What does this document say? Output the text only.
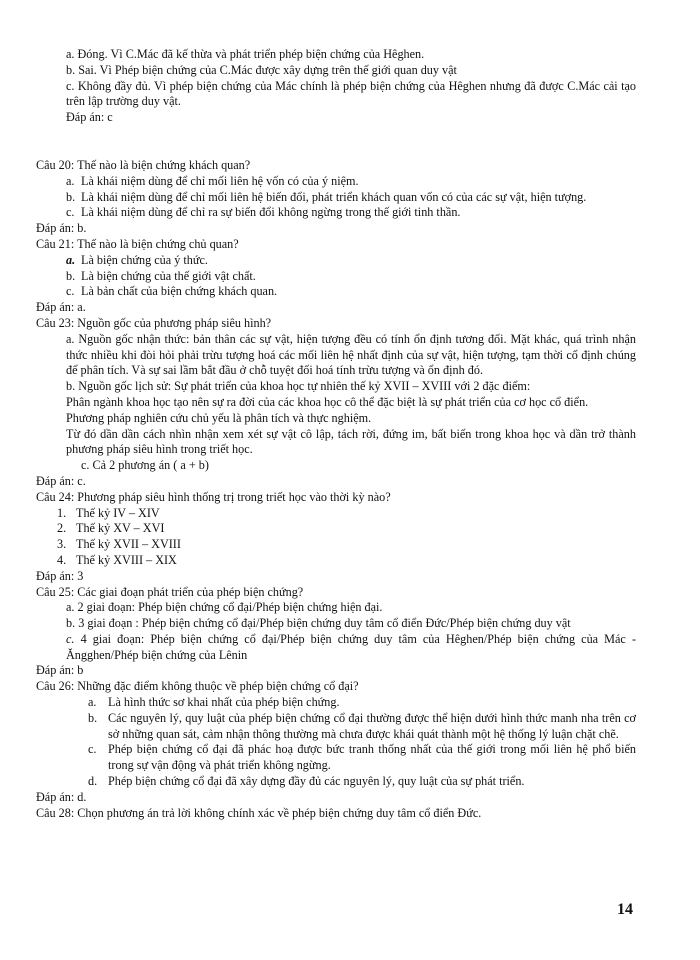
a. Đóng. Vì C.Mác đã kế thừa và phát triển phép biện chứng của Hêghen.
b. Sai. Vì Phép biện chứng của C.Mác được xây dựng trên thế giới quan duy vật
c. Không đầy đủ. Vì phép biện chứng của Mác chính là phép biện chứng của Hêghen nhưng đã được C.Mác cải tạo trên lập trường duy vật.
Đáp án: c
Câu 20: Thế nào là biện chứng khách quan?
a. Là khái niệm dùng để chỉ mối liên hệ vốn có của ý niệm.
b. Là khái niệm dùng để chỉ mối liên hệ biến đổi, phát triển khách quan vốn có của các sự vật, hiện tượng.
c. Là khái niệm dùng để chỉ ra sự biến đổi không ngừng trong thế giới tinh thần.
Đáp án: b.
Câu 21: Thế nào là biện chứng chủ quan?
a. Là biện chứng của ý thức.
b. Là biện chứng của thế giới vật chất.
c. Là bản chất của biện chứng khách quan.
Đáp án: a.
Câu 23: Nguồn gốc của phương pháp siêu hình?
a. Nguồn gốc nhận thức: bản thân các sự vật, hiện tượng đều có tính ổn định tương đối. Mặt khác, quá trình nhận thức nhiều khi đòi hỏi phải trừu tượng hoá các mối liên hệ nhất định của sự vật, hiện tượng, tạm thời cố định chúng để phân tích. Và sự sai lầm bắt đầu ở chỗ tuyệt đối hoá tính trừu tượng và ổn định đó.
b. Nguồn gốc lịch sử: Sự phát triển của khoa học tự nhiên thế kỷ XVII – XVIII với 2 đặc điểm:
Phân ngành khoa học tạo nên sự ra đời của các khoa học cô thể đặc biệt là sự phát triển của cơ học cổ điển.
Phương pháp nghiên cứu chủ yếu là phân tích và thực nghiệm.
Từ đó dần dần cách nhìn nhận xem xét sự vật cô lập, tách rời, đứng im, bất biến trong khoa học và dần trở thành phương pháp siêu hình trong triết học.
c. Cả 2 phương án ( a + b)
Đáp án: c.
Câu 24: Phương pháp siêu hình thống trị trong triết học vào thời kỳ nào?
1. Thế kỷ IV – XIV
2. Thế kỷ XV – XVI
3. Thế kỷ XVII – XVIII
4. Thế kỷ XVIII – XIX
Đáp án: 3
Câu 25: Các giai đoạn phát triển của phép biện chứng?
a. 2 giai đoạn: Phép biện chứng cổ đại/Phép biện chứng hiện đại.
b. 3 giai đoạn : Phép biện chứng cổ đại/Phép biện chứng duy tâm cổ điển Đức/Phép biện chứng duy vật
c. 4 giai đoạn: Phép biện chứng cổ đại/Phép biện chứng duy tâm của Hêghen/Phép biện chứng của Mác - Ăngghen/Phép biện chứng của Lênin
Đáp án: b
Câu 26: Những đặc điểm không thuộc về phép biện chứng cổ đại?
a. Là hình thức sơ khai nhất của phép biện chứng.
b. Các nguyên lý, quy luật của phép biện chứng cổ đại thường được thể hiện dưới hình thức manh nha trên cơ sở những quan sát, cảm nhận thông thường mà chưa được khái quát thành một hệ thống lý luận chặt chẽ.
c. Phép biện chứng cổ đại đã phác hoạ được bức tranh thống nhất của thế giới trong mối liên hệ phổ biến trong sự vận động và phát triển không ngừng.
d. Phép biện chứng cổ đại đã xây dựng đầy đủ các nguyên lý, quy luật của sự phát triển.
Đáp án: d.
Câu 28: Chọn phương án trả lời không chính xác về phép biện chứng duy tâm cổ điển Đức.
14
